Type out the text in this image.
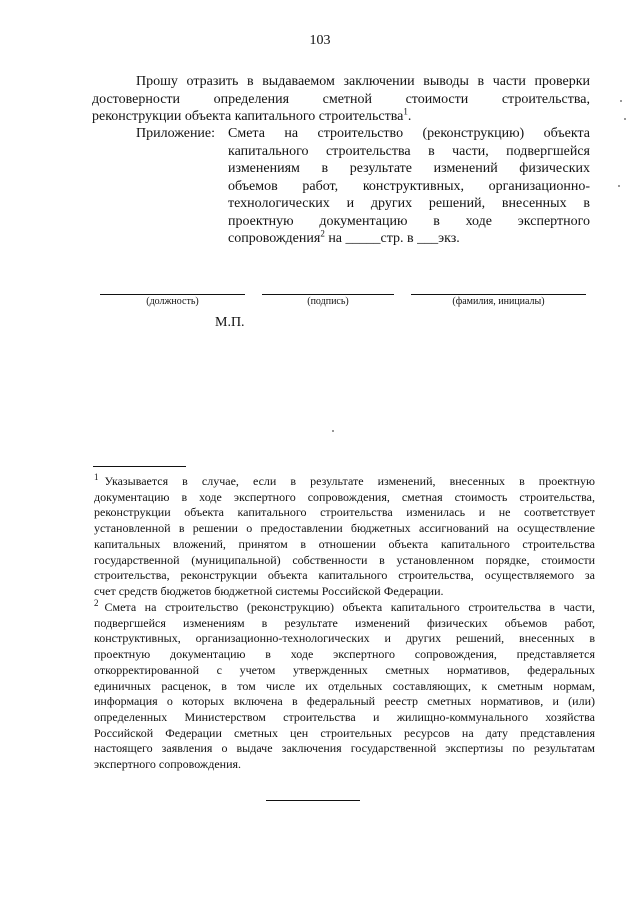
103
Прошу отразить в выдаваемом заключении выводы в части проверки
достоверности определения сметной стоимости строительства,
реконструкции объекта капитального строительства$^1$.
Приложение: Смета на строительство (реконструкцию) объекта
капитального строительства в части, подвергшейся
изменениям в результате изменений физических
объемов работ, конструктивных, организационно-
технологических и других решений, внесенных в
проектную документацию в ходе экспертного
сопровождения$^2$ на _____стр. в ___экз.
(должность)	(подпись)	(фамилия, инициалы)
М.П.
$^1$ Указывается в случае, если в результате изменений, внесенных в проектную
документацию в ходе экспертного сопровождения, сметная стоимость строительства,
реконструкции объекта капитального строительства изменилась и не соответствует
установленной в решении о предоставлении бюджетных ассигнований на осуществление
капитальных вложений, принятом в отношении объекта капитального строительства
государственной (муниципальной) собственности в установленном порядке, стоимости
строительства, реконструкции объекта капитального строительства, осуществляемого за
счет средств бюджетов бюджетной системы Российской Федерации.
$^2$ Смета на строительство (реконструкцию) объекта капитального строительства в части,
подвергшейся изменениям в результате изменений физических объемов работ,
конструктивных, организационно-технологических и других решений, внесенных в
проектную документацию в ходе экспертного сопровождения, представляется
откорректированной с учетом утвержденных сметных нормативов, федеральных
единичных расценок, в том числе их отдельных составляющих, к сметным нормам,
информация о которых включена в федеральный реестр сметных нормативов, и (или)
определенных Министерством строительства и жилищно-коммунального хозяйства
Российской Федерации сметных цен строительных ресурсов на дату представления
настоящего заявления о выдаче заключения государственной экспертизы по результатам
экспертного сопровождения.
